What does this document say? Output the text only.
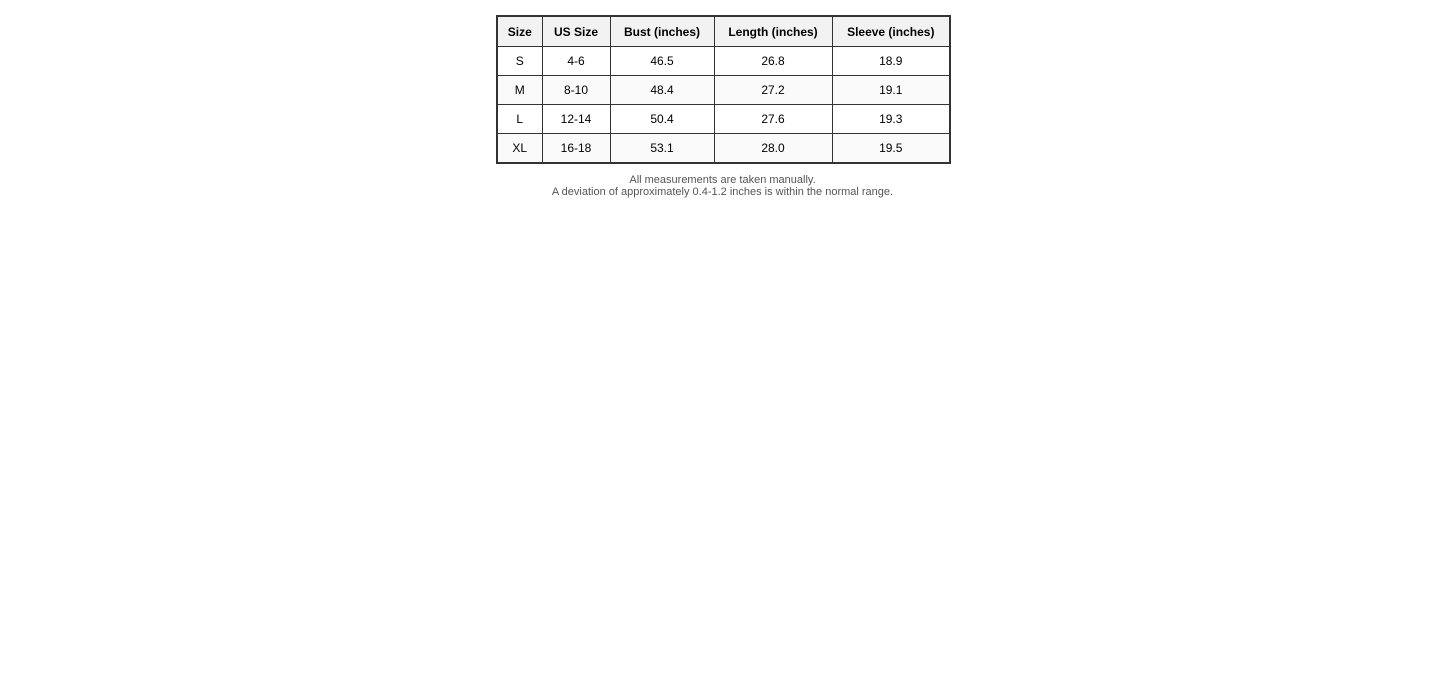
Size	US Size	Bust (inches)	Length (inches)	Sleeve (inches)
S	4-6	46.5	26.8	18.9
M	8-10	48.4	27.2	19.1
L	12-14	50.4	27.6	19.3
XL	16-18	53.1	28.0	19.5
All measurements are taken manually.
A deviation of approximately 0.4-1.2 inches is within the normal range.
